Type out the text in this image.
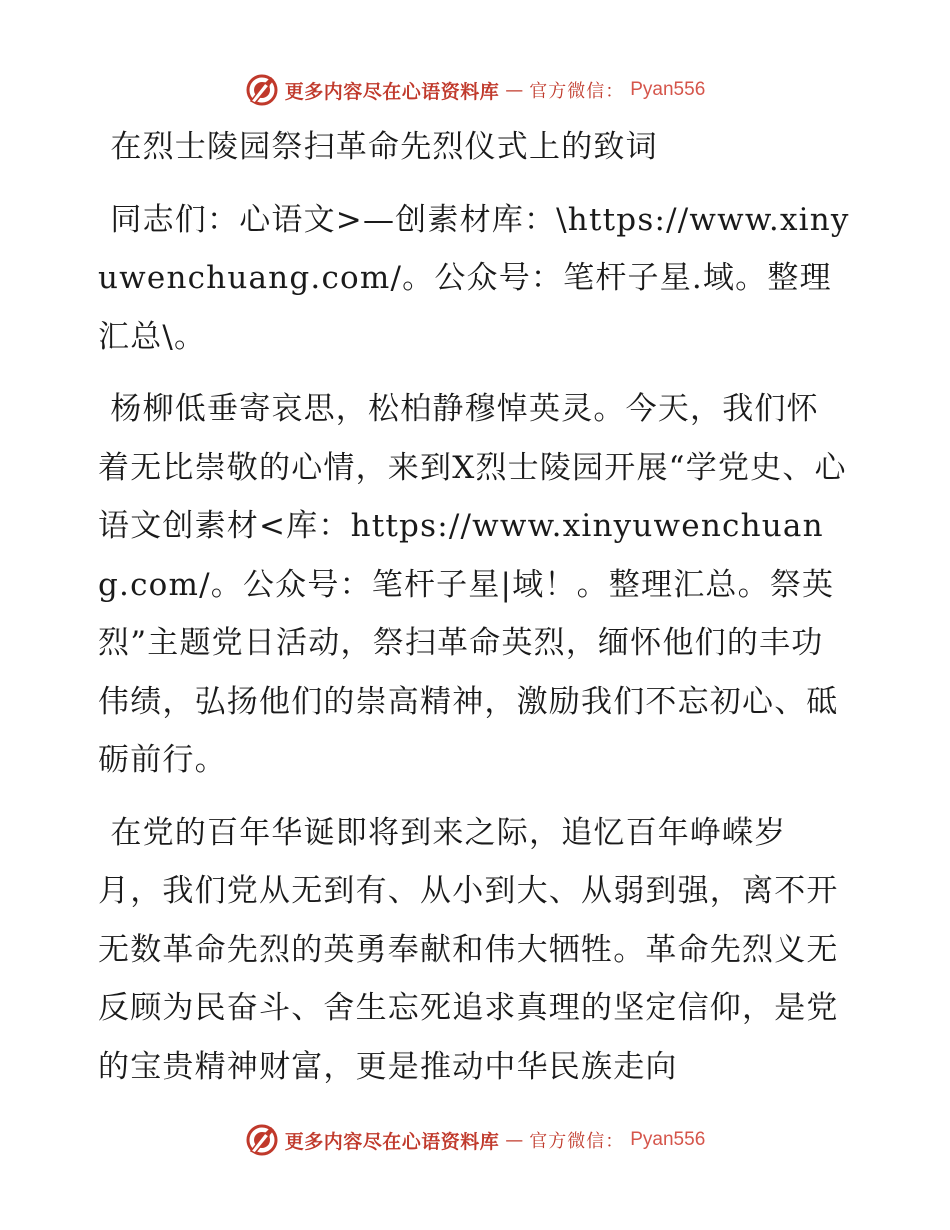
更多内容尽在心语资料库 — 官方微信： Pyan556

在烈士陵园祭扫革命先烈仪式上的致词

同志们：心语文>—创素材库：\https://www.xinyuwenchuang.com/。公众号：笔杆子星.域。整理汇总\。

杨柳低垂寄哀思，松柏静穆悼英灵。今天，我们怀着无比崇敬的心情，来到X烈士陵园开展“学党史、心语文创素材<库：https://www.xinyuwenchuang.com/。公众号：笔杆子星|域！。整理汇总。祭英烈”主题党日活动，祭扫革命英烈，缅怀他们的丰功伟绩，弘扬他们的崇高精神，激励我们不忘初心、砥砺前行。

在党的百年华诞即将到来之际，追忆百年峥嵘岁月，我们党从无到有、从小到大、从弱到强，离不开无数革命先烈的英勇奉献和伟大牺牲。革命先烈义无反顾为民奋斗、舍生忘死追求真理的坚定信仰，是党的宝贵精神财富，更是推动中华民族走向

更多内容尽在心语资料库 — 官方微信： Pyan556
